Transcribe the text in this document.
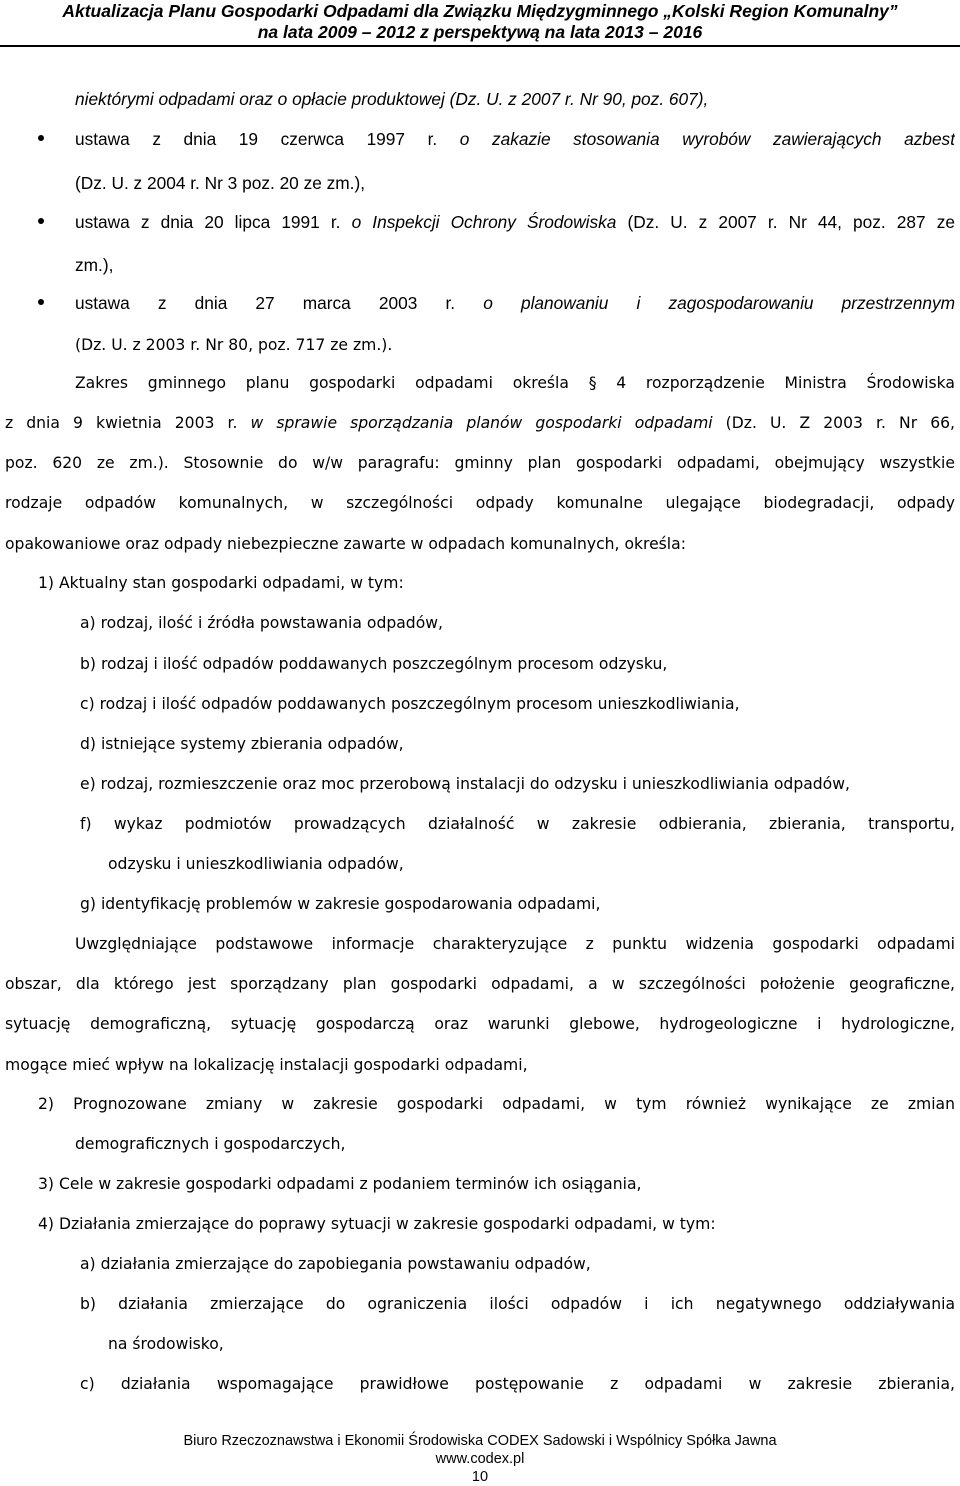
Aktualizacja Planu Gospodarki Odpadami dla Związku Międzygminnego „Kolski Region Komunalny”
na lata 2009 – 2012 z perspektywą na lata 2013 – 2016
niektórymi odpadami oraz o opłacie produktowej (Dz. U. z 2007 r. Nr 90, poz. 607),
ustawa z dnia 19 czerwca 1997 r. o zakazie stosowania wyrobów zawierających azbest
(Dz. U. z 2004 r. Nr 3 poz. 20 ze zm.),
ustawa z dnia 20 lipca 1991 r. o Inspekcji Ochrony Środowiska (Dz. U. z 2007 r. Nr 44, poz. 287 ze
zm.),
ustawa z dnia 27 marca 2003 r. o planowaniu i zagospodarowaniu przestrzennym
(Dz. U. z 2003 r. Nr 80, poz. 717 ze zm.).
Zakres gminnego planu gospodarki odpadami określa § 4 rozporządzenie Ministra Środowiska
z dnia 9 kwietnia 2003 r. w sprawie sporządzania planów gospodarki odpadami (Dz. U. Z 2003 r. Nr 66,
poz. 620 ze zm.). Stosownie do w/w paragrafu: gminny plan gospodarki odpadami, obejmujący wszystkie
rodzaje odpadów komunalnych, w szczególności odpady komunalne ulegające biodegradacji, odpady
opakowaniowe oraz odpady niebezpieczne zawarte w odpadach komunalnych, określa:
1) Aktualny stan gospodarki odpadami, w tym:
a) rodzaj, ilość i źródła powstawania odpadów,
b) rodzaj i ilość odpadów poddawanych poszczególnym procesom odzysku,
c) rodzaj i ilość odpadów poddawanych poszczególnym procesom unieszkodliwiania,
d) istniejące systemy zbierania odpadów,
e) rodzaj, rozmieszczenie oraz moc przerobową instalacji do odzysku i unieszkodliwiania odpadów,
f) wykaz podmiotów prowadzących działalność w zakresie odbierania, zbierania, transportu,
odzysku i unieszkodliwiania odpadów,
g) identyfikację problemów w zakresie gospodarowania odpadami,
Uwzględniające podstawowe informacje charakteryzujące z punktu widzenia gospodarki odpadami
obszar, dla którego jest sporządzany plan gospodarki odpadami, a w szczególności położenie geograficzne,
sytuację demograficzną, sytuację gospodarczą oraz warunki glebowe, hydrogeologiczne i hydrologiczne,
mogące mieć wpływ na lokalizację instalacji gospodarki odpadami,
2) Prognozowane zmiany w zakresie gospodarki odpadami, w tym również wynikające ze zmian
demograficznych i gospodarczych,
3) Cele w zakresie gospodarki odpadami z podaniem terminów ich osiągania,
4) Działania zmierzające do poprawy sytuacji w zakresie gospodarki odpadami, w tym:
a) działania zmierzające do zapobiegania powstawaniu odpadów,
b) działania zmierzające do ograniczenia ilości odpadów i ich negatywnego oddziaływania
na środowisko,
c) działania wspomagające prawidłowe postępowanie z odpadami w zakresie zbierania,
Biuro Rzeczoznawstwa i Ekonomii Środowiska CODEX Sadowski i Wspólnicy Spółka Jawna
www.codex.pl
10
